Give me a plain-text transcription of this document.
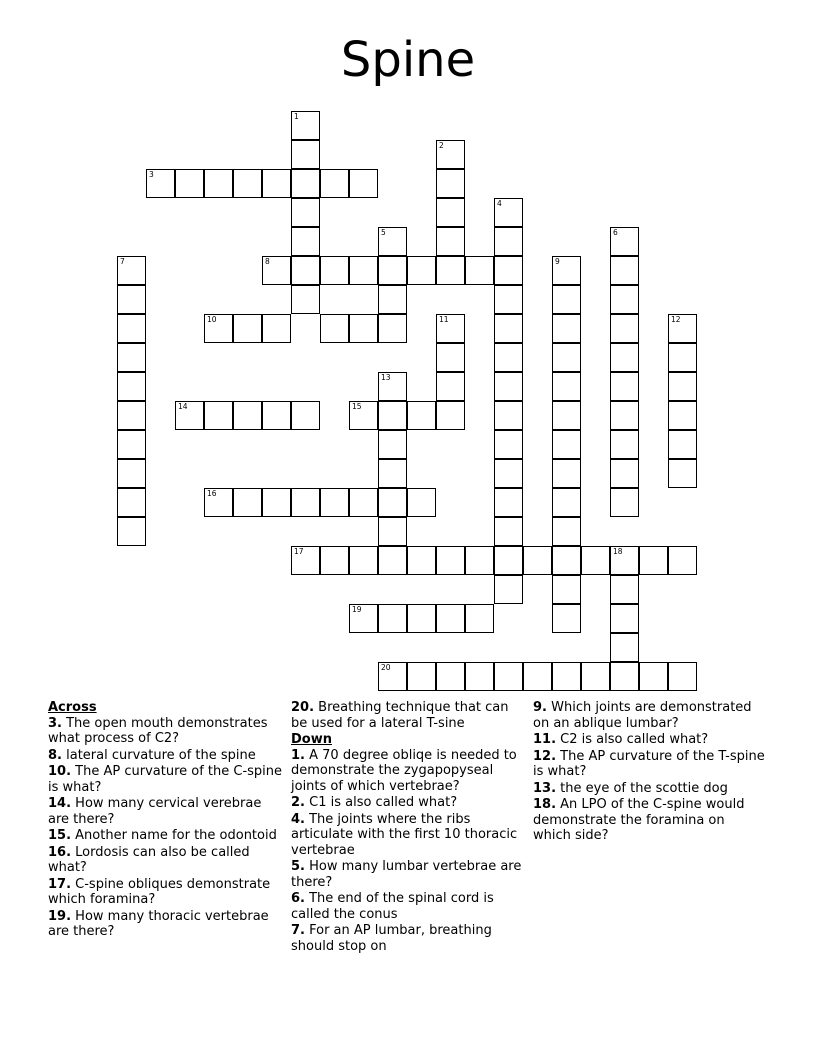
Spine
1
2
3
4
5	6
7	8	9
10	11	12
13
14	15
16
17	18
19
20
Across
3. The open mouth demonstrates what process of C2?
8. lateral curvature of the spine
10. The AP curvature of the C-spine is what?
14. How many cervical verebrae are there?
15. Another name for the odontoid
16. Lordosis can also be called what?
17. C-spine obliques demonstrate which foramina?
19. How many thoracic vertebrae are there?
20. Breathing technique that can be used for a lateral T-sine
Down
1. A 70 degree obliqe is needed to demonstrate the zygapopyseal joints of which vertebrae?
2. C1 is also called what?
4. The joints where the ribs articulate with the first 10 thoracic vertebrae
5. How many lumbar vertebrae are there?
6. The end of the spinal cord is called the conus
7. For an AP lumbar, breathing should stop on
9. Which joints are demonstrated on an ablique lumbar?
11. C2 is also called what?
12. The AP curvature of the T-spine is what?
13. the eye of the scottie dog
18. An LPO of the C-spine would demonstrate the foramina on which side?
